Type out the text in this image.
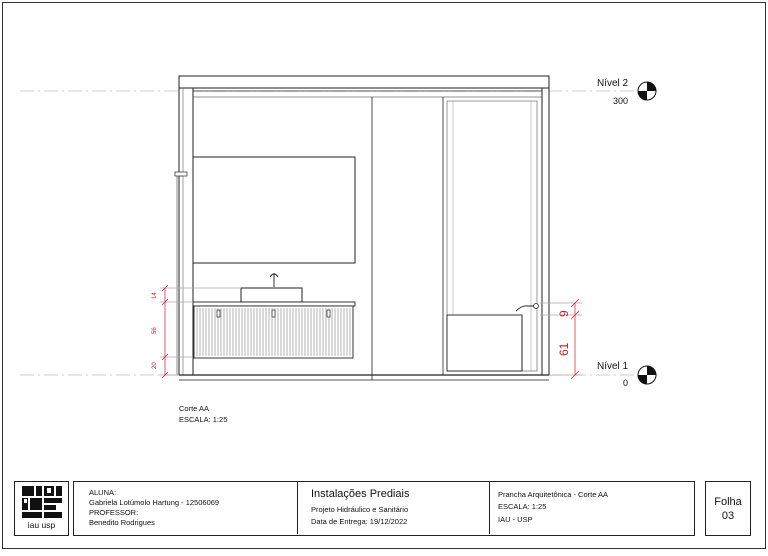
Nível 2
300
Nível 1
0
14
56
20
9
61
Corte AA
ESCALA: 1:25
iau usp
ALUNA:
Gabriela Lotúmolo Hartung - 12506069
PROFESSOR:
Benedito Rodrigues
Instalações Prediais
Projeto Hidráulico e Sanitário
Data de Entrega: 19/12/2022
Prancha Arquitetônica - Corte AA
ESCALA: 1:25
IAU - USP
Folha
03
